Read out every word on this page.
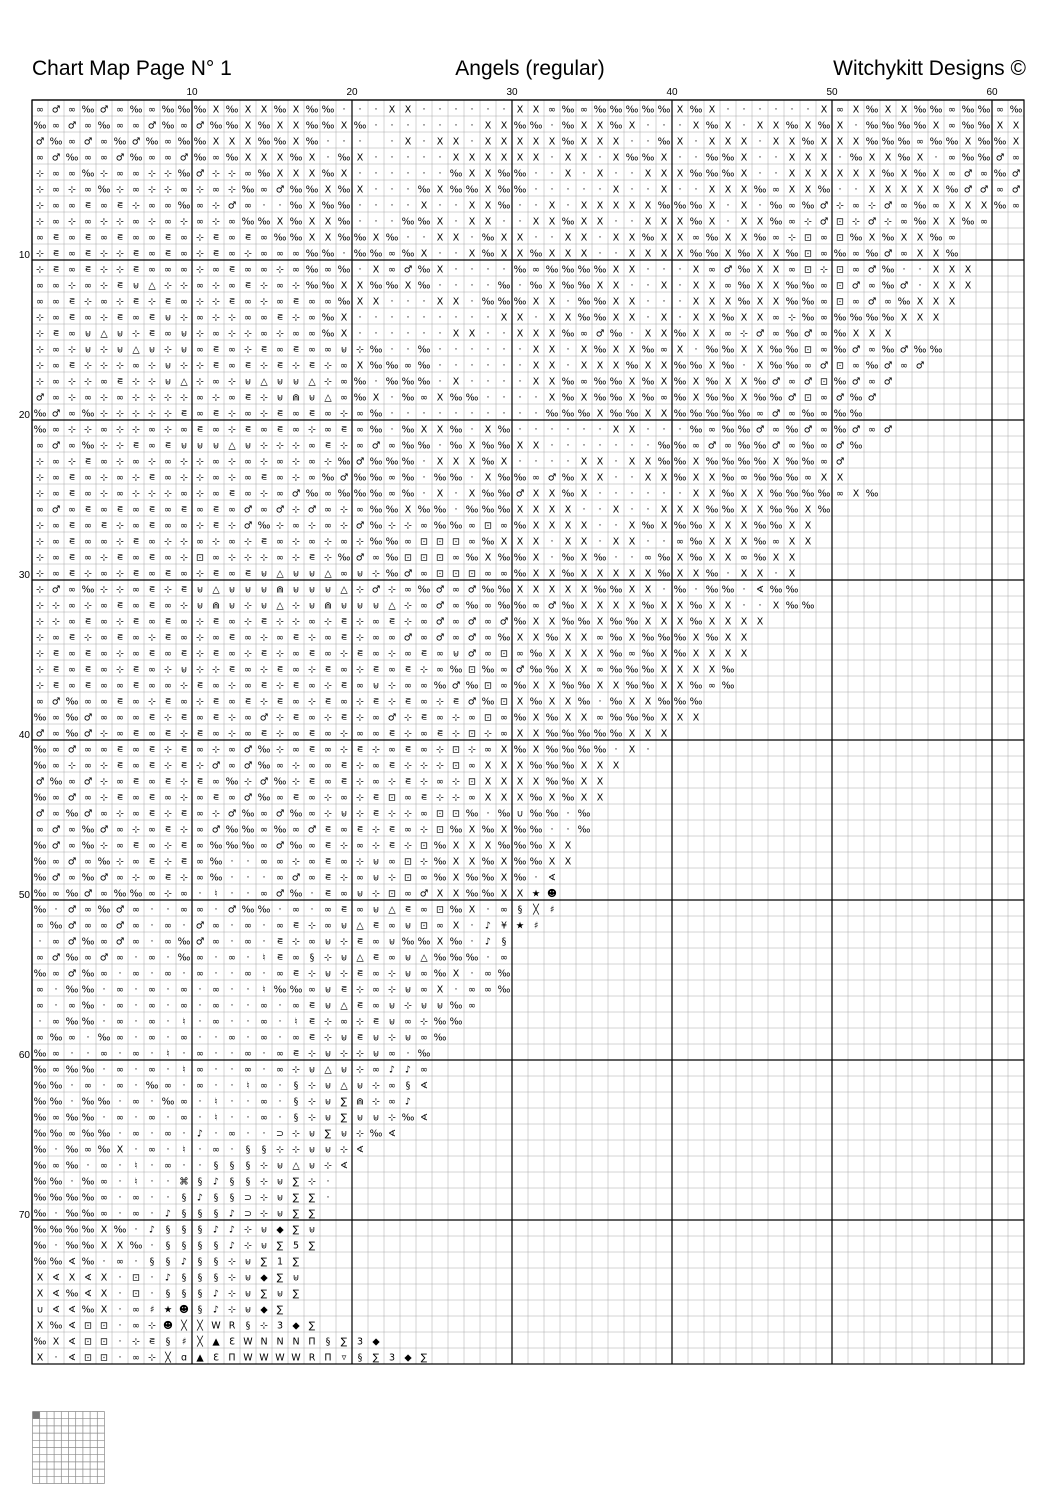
Chart Map Page N° 1	Angels (regular)	Witchykitt Designs ©
10	20	30	40	50	60
10
20
30
40
50
60
70
∞ ♂ ∞ ‰ ♂ ∞ ‰ ∞ ‰ ‰ ‰ Ⅹ ‰ Ⅹ Ⅹ ‰ Ⅹ ‰ ‰ · · · Ⅹ Ⅹ · · · · · · Ⅹ Ⅹ ∞ ‰ ∞ ‰ ‰ ‰ ‰ ‰ Ⅹ ‰ Ⅹ · · · · · · Ⅹ ∞ Ⅹ ‰ Ⅹ Ⅹ ‰ ‰ ∞ ‰ ‰ ∞ ‰
‰ ∞ ♂ ∞ ‰ ∞ ∞ ♂ ‰ ∞ ♂ ‰ ‰ Ⅹ ‰ Ⅹ Ⅹ ‰ ‰ Ⅹ ‰ · · · · · · · Ⅹ Ⅹ ‰ ‰ · ‰ Ⅹ Ⅹ ‰ Ⅹ · · · Ⅹ ‰ Ⅹ · Ⅹ Ⅹ ‰ Ⅹ ‰ Ⅹ · ‰ ‰ ‰ ‰ Ⅹ ∞ ‰ ‰ Ⅹ Ⅹ
♂ ‰ ∞ ♂ ∞ ‰ ♂ ‰ ∞ ‰ ‰ Ⅹ Ⅹ Ⅹ ‰ ‰ Ⅹ ‰ · · ·	· Ⅹ · Ⅹ Ⅹ · Ⅹ Ⅹ Ⅹ Ⅹ Ⅹ ‰ Ⅹ Ⅹ Ⅹ · · ‰ Ⅹ · Ⅹ Ⅹ Ⅹ · Ⅹ Ⅹ ‰ Ⅹ Ⅹ Ⅹ ‰ ‰ ‰ ∞ ‰ ‰ Ⅹ ‰ ‰ Ⅹ
∞ ♂ ‰ ∞ ∞ ♂ ‰ ∞ ∞ ♂ ‰ ∞ ‰ Ⅹ Ⅹ Ⅹ ‰ Ⅹ · ‰ Ⅹ · · · · · Ⅹ Ⅹ Ⅹ Ⅹ Ⅹ Ⅹ · Ⅹ Ⅹ · Ⅹ ‰ ‰ Ⅹ · · ‰ ‰ Ⅹ · · Ⅹ Ⅹ Ⅹ · ‰ Ⅹ Ⅹ ‰ Ⅹ · ∞ ‰ ‰ ♂ ∞
⊹ ∞ ∞ ‰ ⊹ ∞ ∞ ⊹ ⊹ ‰ ♂ ⊹ ⊹ ∞ ‰ Ⅹ Ⅹ Ⅹ ‰ Ⅹ · · · · · · ‰ Ⅹ Ⅹ ‰ ‰ · · Ⅹ · Ⅹ · · Ⅹ Ⅹ Ⅹ ‰ ‰ ‰ Ⅹ · · Ⅹ Ⅹ Ⅹ Ⅹ Ⅹ Ⅹ ‰ Ⅹ ‰ Ⅹ ∞ ♂ ∞ ‰ ♂
⊹ ∞ ⊹ ∞ ‰ ⊹ ∞ ⊹ ⊹ ∞ ⊹ ∞ ⊹ ‰ ∞ ♂ ‰ ‰ Ⅹ ‰ Ⅹ · · · ‰ Ⅹ ‰ ‰ Ⅹ ‰ ‰ · · · · · Ⅹ · · Ⅹ · · Ⅹ Ⅹ Ⅹ ‰ ∞ Ⅹ Ⅹ ‰ · · Ⅹ Ⅹ Ⅹ Ⅹ Ⅹ ‰ ♂ ♂ ∞ ♂
⊹ ∞ ∞ ⋷ ∞ ⋷ ⊹ ∞ ∞ ‰ ∞ ⊹ ♂ ∞ · · ‰ Ⅹ ‰ ‰ · · · · Ⅹ · · Ⅹ Ⅹ ‰ · · Ⅹ · Ⅹ Ⅹ Ⅹ Ⅹ Ⅹ ‰ ‰ ‰ Ⅹ · Ⅹ · ‰ ∞ ‰ ♂ ⊹ ∞ ⊹ ♂ ∞ ‰ ∞ Ⅹ Ⅹ Ⅹ ‰ ∞
⊹ ∞ ⊹ ∞ ⊹ ⊹ ∞ ⊹ ∞ ⊹ ∞ ⊹ ∞ ‰ ‰ Ⅹ ‰ Ⅹ Ⅹ ‰ · · · ‰ ‰ Ⅹ · Ⅹ Ⅹ · · Ⅹ Ⅹ ‰ Ⅹ Ⅹ · · Ⅹ Ⅹ Ⅹ ‰ Ⅹ · Ⅹ Ⅹ ‰ ∞ ⊹ ♂ ⊡ ⊹ ♂ ⊹ ∞ ‰ Ⅹ Ⅹ ‰ ∞
∞ ⋷ ∞ ⋷ ∞ ⋷ ∞ ∞ ⋷ ∞ ⊹ ⋷ ∞ ⋷ ∞ ‰ ‰ Ⅹ Ⅹ ‰ ‰ Ⅹ ‰ · · Ⅹ Ⅹ · ‰ Ⅹ Ⅹ · · Ⅹ Ⅹ · Ⅹ Ⅹ ‰ Ⅹ Ⅹ ∞ ‰ Ⅹ Ⅹ ‰ ∞ ⊹ ⊡ ∞ ⊡ ‰ Ⅹ ‰ Ⅹ Ⅹ ‰ ∞
⊹ ⋷ ∞ ⋷ ⊹ ⊹ ⋷ ∞ ⋷ ∞ ⊹ ⋷ ∞ ⊹ ∞ ∞ ∞ ‰ ‰ · ‰ ‰ ∞ ‰ Ⅹ · · Ⅹ ‰ Ⅹ Ⅹ ‰ Ⅹ Ⅹ Ⅹ · · Ⅹ Ⅹ Ⅹ Ⅹ ‰ ‰ Ⅹ ‰ Ⅹ Ⅹ ‰ ⊡ ∞ ‰ ∞ ‰ ♂ ∞ Ⅹ Ⅹ ‰
⊹ ⋷ ∞ ⋷ ⊹ ⊹ ⋷ ∞ ∞ ∞ ⊹ ∞ ⋷ ∞ ∞ ⊹ ∞ ‰ ∞ ‰ · Ⅹ ∞ ♂ ‰ Ⅹ · · · · ‰ ∞ ‰ ‰ ‰ ‰ Ⅹ Ⅹ · · · Ⅹ ∞ ♂ ‰ Ⅹ Ⅹ ∞ ⊡ ⊹ ⊡ ∞ ♂ ‰ · · Ⅹ Ⅹ Ⅹ
∞ ∞ ⊹ ∞ ⊹ ⋷ ⊎ △ ⊹ ⊹ ∞ ⊹ ∞ ⋷ ⊹ ∞ ⊹ ‰ ‰ Ⅹ Ⅹ ‰ ‰ Ⅹ ‰ · · · · ‰ · ‰ Ⅹ ‰ ‰ Ⅹ Ⅹ · · Ⅹ · Ⅹ Ⅹ ∞ ‰ Ⅹ Ⅹ ‰ ‰ ∞ ⊡ ♂ ∞ ‰ ♂ · Ⅹ Ⅹ Ⅹ
∞ ∞ ⋷ ⊹ ∞ ⊹ ⋷ ⊹ ⋷ ∞ ⊹ ⊹ ⋷ ∞ ⊹ ∞ ⋷ ∞ ∞ ‰ Ⅹ Ⅹ · · · Ⅹ Ⅹ · ‰ ‰ ‰ Ⅹ Ⅹ · ‰ ‰ Ⅹ Ⅹ · · · Ⅹ Ⅹ Ⅹ ‰ Ⅹ Ⅹ ‰ ‰ ∞ ⊡ ∞ ♂ ∞ ‰ Ⅹ Ⅹ Ⅹ
⊹ ∞ ⋷ ∞ ⊹ ⋷ ∞ ⋷ ⊎ ⊹ ∞ ⊹ ⊹ ∞ ∞ ⋷ ⊹ ∞ ‰ Ⅹ · · · · · · · · · Ⅹ Ⅹ · Ⅹ Ⅹ ‰ ‰ Ⅹ Ⅹ · Ⅹ · Ⅹ Ⅹ ‰ Ⅹ Ⅹ ∞ ⊹ ‰ ∞ ‰ ‰ ‰ ‰ Ⅹ Ⅹ Ⅹ
⊹ ⋷ ∞ ⊎ △ ⊎ ⊹ ⋷ ∞ ⊎ ⊹ ∞ ⊹ ⊹ ∞ ⊹ ∞ ∞ ‰ Ⅹ · · · · · · Ⅹ Ⅹ · · Ⅹ Ⅹ Ⅹ ‰ ∞ ♂ ‰ · Ⅹ Ⅹ ‰ Ⅹ Ⅹ ∞ ⊹ ♂ ∞ ‰ ♂ ∞ ‰ Ⅹ Ⅹ Ⅹ
⊹ ∞ ⊹ ⊎ ⊹ ⊎ △ ⊎ ⊹ ⊎ ∞ ⋷ ∞ ⊹ ⋷ ∞ ⋷ ∞ ∞ ⊎ ⊹ ‰ · · ‰ · · · · · · Ⅹ Ⅹ · Ⅹ ‰ Ⅹ Ⅹ ‰ ∞ Ⅹ · ‰ ‰ Ⅹ Ⅹ ‰ ‰ ⊡ ∞ ‰ ♂ ∞ ‰ ♂ ‰ ‰
⊹ ∞ ⋷ ⊹ ⊹ ⊹ ∞ ⊹ ⊎ ⊹ ⊹ ⋷ ∞ ⋷ ⊹ ⋷ ⊹ ⋷ ⊹ ∞ Ⅹ ‰ ‰ ∞ ‰ · · · · · · Ⅹ Ⅹ · Ⅹ Ⅹ Ⅹ ‰ Ⅹ Ⅹ ‰ ‰ Ⅹ ‰ · Ⅹ ‰ ‰ ∞ ♂ ⊡ ∞ ‰ ♂ ∞ ♂
⊹ ∞ ⊹ ⊹ ∞ ⋷ ⊹ ⊹ ⊎ △ ⊹ ∞ ⊹ ⊎ △ ⊎ ⊎ △ ⊹ ∞ ‰ · ‰ ‰ ‰ · Ⅹ · · · · Ⅹ Ⅹ ‰ ∞ ‰ ‰ Ⅹ ‰ Ⅹ ‰ Ⅹ ‰ Ⅹ Ⅹ ‰ ♂ ∞ ♂ ⊡ ‰ ♂ ∞ ♂
♂ ∞ ⊹ ∞ ⊹ ∞ ⊹ ⊹ ⊹ ⊹ ∞ ⊹ ∞ ⋷ ⊹ ⊎ ⋒ ⊎ △ ∞ ‰ Ⅹ · ‰ ∞ Ⅹ ‰ ‰ · · · · Ⅹ ‰ Ⅹ ‰ ‰ Ⅹ ‰ ∞ ‰ Ⅹ ‰ ‰ Ⅹ ‰ ‰ ♂ ⊡ ∞ ♂ ‰ ♂
‰ ♂ ∞ ‰ ⊹ ⊹ ⊹ ⊹ ⊹ ⋷ ∞ ⋷ ⊹ ∞ ⊹ ⋷ ∞ ⋷ ∞ ⊹ ∞ ‰ · · · · · · · · · · ‰ ‰ ‰ Ⅹ ‰ ‰ Ⅹ Ⅹ ‰ ‰ ‰ ‰ ‰ ∞ ♂ ∞ ‰ ∞ ‰ ‰
‰ ∞ ⊹ ⊹ ∞ ⊹ ⊹ ∞ ⊹ ∞ ⋷ ∞ ⊹ ⋷ ∞ ⋷ ∞ ⊹ ∞ ⋷ ∞ ‰ · ‰ Ⅹ Ⅹ ‰ · Ⅹ ‰ · · · · · · Ⅹ Ⅹ · · · ‰ ∞ ‰ ‰ ♂ ∞ ‰ ♂ ∞ ‰ ♂ ∞ ♂
∞ ♂ ∞ ‰ ⊹ ⊹ ⋷ ∞ ⋷ ⊎ ⊎ ⊎ △ ⊎ ⊹ ⊹ ⊹ ∞ ⋷ ⊹ ∞ ♂ ∞ ‰ ‰ · ‰ Ⅹ ‰ ‰ Ⅹ Ⅹ · · · · · · · ‰ ‰ ∞ ♂ ∞ ‰ ‰ ♂ ∞ ‰ ∞ ♂ ‰
⊹ ∞ ⊹ ⋷ ∞ ⊹ ∞ ⊹ ∞ ⊹ ⊹ ∞ ⊹ ∞ ⊹ ∞ ⊹ ∞ ⊹ ‰ ♂ ‰ ‰ ‰ · Ⅹ Ⅹ Ⅹ ‰ Ⅹ · · · · Ⅹ Ⅹ · Ⅹ Ⅹ ‰ ‰ Ⅹ ‰ ‰ ‰ ‰ Ⅹ ‰ ‰ ∞ ♂
⊹ ∞ ⋷ ∞ ⊹ ∞ ⊹ ⋷ ∞ ⊹ ⊹ ∞ ⊹ ∞ ⋷ ∞ ⊹ ∞ ‰ ♂ ‰ ‰ ∞ ‰ · ‰ ‰ · Ⅹ ‰ ‰ ∞ ♂ ‰ Ⅹ Ⅹ · · Ⅹ Ⅹ ‰ Ⅹ Ⅹ ‰ ∞ ‰ ‰ ‰ ∞ Ⅹ Ⅹ
⊹ ∞ ⋷ ∞ ⊹ ∞ ⊹ ⊹ ⊹ ∞ ⊹ ∞ ⋷ ∞ ⊹ ∞ ♂ ‰ ∞ ‰ ‰ ‰ ∞ ‰ · Ⅹ · Ⅹ ‰ ‰ ♂ Ⅹ Ⅹ ‰ Ⅹ · · · · · · Ⅹ Ⅹ ‰ Ⅹ Ⅹ ‰ ‰ ‰ ‰ ∞ Ⅹ ‰
∞ ♂ ∞ ⋷ ∞ ⋷ ∞ ⋷ ∞ ⋷ ∞ ⋷ ∞ ♂ ∞ ♂ ⊹ ♂ ∞ ⊹ ∞ ‰ ‰ Ⅹ ‰ ‰ · ‰ ‰ ‰ Ⅹ Ⅹ Ⅹ Ⅹ · · Ⅹ · · Ⅹ Ⅹ Ⅹ ‰ ‰ Ⅹ Ⅹ ‰ ‰ Ⅹ ‰
⊹ ∞ ⋷ ∞ ⋷ ⊹ ∞ ⋷ ∞ ∞ ⊹ ⋷ ⊹ ♂ ‰ ⊹ ∞ ⊹ ∞ ⊹ ♂ ‰ ⊹ ⊹ ∞ ‰ ‰ ∞ ⊡ ∞ ‰ Ⅹ Ⅹ Ⅹ Ⅹ · · Ⅹ ‰ Ⅹ ‰ ‰ Ⅹ Ⅹ Ⅹ ‰ ‰ Ⅹ Ⅹ
⊹ ∞ ⋷ ∞ ∞ ⊹ ⋷ ∞ ⊹ ⊹ ∞ ⊹ ∞ ⊹ ⋷ ∞ ⊹ ∞ ⊹ ∞ ⊹ ‰ ‰ ∞ ⊡ ⊡ ⊡ ∞ ‰ Ⅹ Ⅹ Ⅹ · Ⅹ Ⅹ · Ⅹ Ⅹ · · ∞ ‰ Ⅹ Ⅹ Ⅹ ‰ ∞ Ⅹ Ⅹ
⊹ ∞ ⋷ ∞ ⊹ ⋷ ∞ ⋷ ∞ ⊹ ⊡ ∞ ⊹ ⊹ ⊹ ∞ ⊹ ⋷ ⊹ ‰ ♂ ∞ ‰ ⊡ ⊡ ⊡ ∞ ‰ Ⅹ ‰ ‰ Ⅹ · ‰ Ⅹ ‰ · · ∞ ‰ Ⅹ ‰ Ⅹ Ⅹ ∞ ‰ Ⅹ Ⅹ
⊹ ∞ ⋷ ⊹ ∞ ⊹ ⋷ ∞ ⋷ ∞ ⊹ ⋷ ∞ ⋷ ⊎ △ ⊎ ⊎ △ ∞ ⊎ ⊹ ‰ ♂ ∞ ⊡ ⊡ ⊡ ∞ ∞ ‰ Ⅹ Ⅹ ‰ Ⅹ Ⅹ Ⅹ Ⅹ Ⅹ ‰ Ⅹ Ⅹ ‰ · Ⅹ Ⅹ · Ⅹ
⊹ ♂ ∞ ‰ ⊹ ⊹ ∞ ⋷ ⊹ ⋷ ⊎ △ ⊎ ⊎ ⊎ ⋒ ⊎ ⊎ ⊎ △ ⊹ ♂ ⊹ ∞ ‰ ♂ ∞ ♂ ‰ ‰ Ⅹ Ⅹ Ⅹ Ⅹ Ⅹ ‰ ‰ Ⅹ Ⅹ · ‰ · ‰ ‰ · ∢ ‰ ‰
⊹ ⊹ ∞ ⊹ ∞ ⋷ ∞ ⋷ ∞ ⊹ ⊎ ⋒ ⊎ ⊹ ⊎ △ ⊹ ⊎ ⋒ ⊎ ⊎ ⊎ △ ⊹ ∞ ♂ ∞ ‰ ∞ ‰ ‰ ∞ ♂ ‰ Ⅹ Ⅹ Ⅹ Ⅹ ‰ Ⅹ Ⅹ ‰ Ⅹ Ⅹ · · Ⅹ ‰ ‰
⊹ ⊹ ∞ ⋷ ∞ ⊹ ⋷ ∞ ⋷ ∞ ⊹ ⋷ ∞ ⊹ ⋷ ⊹ ⊹ ∞ ⊹ ⋷ ⊹ ∞ ⋷ ⊹ ∞ ♂ ∞ ♂ ∞ ♂ ‰ Ⅹ Ⅹ ‰ ‰ Ⅹ ‰ ‰ Ⅹ Ⅹ Ⅹ ‰ Ⅹ Ⅹ Ⅹ Ⅹ
⊹ ∞ ⋷ ⊹ ∞ ⋷ ∞ ⊹ ⋷ ∞ ⊹ ∞ ⋷ ∞ ⊹ ∞ ⋷ ⊹ ∞ ⋷ ⊹ ∞ ∞ ♂ ∞ ♂ ∞ ♂ ∞ ‰ Ⅹ Ⅹ ‰ Ⅹ Ⅹ ∞ ‰ Ⅹ ‰ ‰ ‰ Ⅹ ‰ Ⅹ Ⅹ
⊹ ⋷ ∞ ⋷ ∞ ⊹ ∞ ⋷ ∞ ⋷ ⊹ ⋷ ∞ ⊹ ⋷ ⊹ ∞ ⋷ ∞ ⊹ ⋷ ∞ ⊹ ∞ ⋷ ∞ ⊎ ♂ ∞ ⊡ ∞ ‰ Ⅹ Ⅹ Ⅹ Ⅹ ‰ ∞ ‰ Ⅹ ‰ Ⅹ Ⅹ Ⅹ Ⅹ
⊹ ⋷ ∞ ⋷ ∞ ⊹ ⋷ ∞ ⊹ ⊎ ⊹ ⊹ ⋷ ∞ ⊹ ⋷ ∞ ⊹ ⋷ ∞ ⊹ ⋷ ∞ ⋷ ⊹ ∞ ‰ ⊡ ‰ ∞ ♂ ‰ ‰ Ⅹ Ⅹ ∞ ‰ ‰ ‰ Ⅹ Ⅹ Ⅹ Ⅹ ‰
⊹ ⋷ ∞ ⋷ ∞ ∞ ⋷ ∞ ∞ ⊹ ⋷ ∞ ⊹ ∞ ⋷ ⊹ ⋷ ∞ ⊹ ⋷ ∞ ⊎ ⊹ ∞ ∞ ‰ ♂ ‰ ⊡ ∞ ‰ Ⅹ Ⅹ ‰ ‰ Ⅹ Ⅹ ‰ ‰ Ⅹ Ⅹ ‰ ∞ ‰
∞ ♂ ‰ ∞ ∞ ⋷ ∞ ⊹ ⋷ ∞ ⊹ ⋷ ∞ ⋷ ⊹ ⋷ ∞ ⊹ ⋷ ∞ ⊹ ⋷ ⊹ ⋷ ∞ ⊹ ⋷ ♂ ‰ ⊡ Ⅹ ‰ Ⅹ Ⅹ ‰ · ‰ Ⅹ Ⅹ ‰ ‰ ‰
‰ ∞ ‰ ♂ ∞ ∞ ∞ ⋷ ⊹ ⋷ ∞ ⋷ ⊹ ∞ ♂ ⊹ ⋷ ∞ ⊹ ⋷ ⊹ ∞ ♂ ⊹ ⋷ ∞ ⊹ ∞ ⊡ ∞ ‰ Ⅹ ‰ Ⅹ Ⅹ ∞ ‰ ‰ ‰ Ⅹ Ⅹ Ⅹ
♂ ∞ ‰ ♂ ⊹ ∞ ⋷ ∞ ⋷ ⊹ ⋷ ∞ ⊹ ∞ ⋷ ⊹ ∞ ⋷ ∞ ⊹ ∞ ∞ ⋷ ⊹ ∞ ⋷ ⊹ ⊡ ⊹ ∞ Ⅹ Ⅹ ‰ ‰ ‰ ‰ ‰ Ⅹ Ⅹ Ⅹ
‰ ∞ ♂ ∞ ∞ ⋷ ∞ ⋷ ⊹ ⋷ ∞ ⊹ ∞ ♂ ‰ ⊹ ∞ ⋷ ∞ ⊹ ⋷ ⊹ ∞ ⋷ ∞ ⊹ ⊡ ⊹ ∞ Ⅹ ‰ Ⅹ ‰ ‰ ‰ ‰ · Ⅹ ·
‰ ∞ ⊹ ∞ ⊹ ⋷ ∞ ⋷ ⊹ ⋷ ⊹ ♂ ∞ ♂ ‰ ∞ ⊹ ∞ ∞ ⋷ ⊹ ∞ ⋷ ⊹ ⊹ ⊹ ⊡ ∞ Ⅹ Ⅹ Ⅹ ‰ ‰ ‰ Ⅹ Ⅹ Ⅹ
♂ ‰ ∞ ♂ ⊹ ∞ ⋷ ∞ ⋷ ⊹ ⋷ ∞ ‰ ⊹ ♂ ‰ ⊹ ⋷ ∞ ⋷ ⊹ ∞ ⊹ ⋷ ⊹ ∞ ⊹ ⊡ Ⅹ Ⅹ Ⅹ Ⅹ ‰ ‰ Ⅹ Ⅹ
‰ ∞ ♂ ∞ ⊹ ⋷ ∞ ⋷ ∞ ⊹ ∞ ⋷ ∞ ♂ ‰ ∞ ⋷ ∞ ⊹ ∞ ⊹ ⋷ ⊡ ∞ ⋷ ⊹ ⊹ ∞ Ⅹ Ⅹ Ⅹ ‰ Ⅹ ‰ Ⅹ Ⅹ
♂ ∞ ‰ ♂ ∞ ⊹ ∞ ⋷ ⊹ ⋷ ∞ ⊹ ♂ ‰ ∞ ♂ ‰ ∞ ⊹ ⊎ ⊹ ⋷ ⊹ ⊹ ∞ ⊡ ⊡ ‰ · ‰ ∪ ‰ ‰ · ‰
∞ ♂ ∞ ‰ ♂ ∞ ⊹ ∞ ⋷ ⊹ ∞ ♂ ‰ ‰ ∞ ‰ ∞ ♂ ⋷ ∞ ⋷ ⊹ ⋷ ∞ ⊹ ⊡ ‰ Ⅹ ‰ Ⅹ ‰ ‰ · · ‰
‰ ♂ ∞ ‰ ⊹ ∞ ⋷ ∞ ⊹ ⋷ ∞ ‰ ‰ ‰ ∞ ♂ ‰ ∞ ⋷ ⊹ ∞ ⊹ ⋷ ⊹ ⊡ ‰ Ⅹ Ⅹ Ⅹ ‰ ‰ ‰ Ⅹ Ⅹ
‰ ∞ ♂ ∞ ‰ ⊹ ∞ ⋷ ⊹ ⋷ ∞ ‰ · · ∞ ∞ ⊹ ∞ ⋷ ∞ ⊹ ⊎ ∞ ⊡ ⊹ ‰ Ⅹ Ⅹ ‰ Ⅹ ‰ ‰ Ⅹ Ⅹ
‰ ♂ ∞ ‰ ♂ ∞ ⊹ ∞ ⋷ ⊹ ∞ ‰ · · · ∞ ♂ ∞ ⋷ ⊹ ∞ ⊎ ⊹ ⊡ ∞ ‰ Ⅹ ‰ ‰ Ⅹ ‰ · ∢
‰ ∞ ‰ ♂ ∞ ‰ ‰ ∞ ⊹ ∞ · ♮ · · ∞ ♂ ‰ · ⋷ ∞ ⊎ ⊹ ⊡ ∞ ♂ Ⅹ Ⅹ ‰ ‰ Ⅹ Ⅹ ★ ☻
‰ · ♂ ∞ ‰ ♂ ∞ · · ∞ ∞ · ♂ ‰ ‰ · ∞ · ∞ ⋷ ∞ ⊎ △ ⋷ ∞ ⊡ ‰ Ⅹ · ∞ § ╳ ♯
∞ ‰ ♂ ∞ ∞ ♂ ∞ · ∞ · ♂ ∞ · ∞ · ∞ ⋷ ⊹ ∞ ⊎ △ ⋷ ∞ ⊎ ⊡ ∞ Ⅹ · ♪ ¥ ★ ♯
· ∞ ♂ ‰ ∞ ♂ ∞ · ∞ ‰ ♂ ∞ · ∞ · ⋷ ⊹ ∞ ⊎ ⊹ ⋷ ∞ ⊎ ‰ ‰ Ⅹ ‰ · ♪ §
∞ ♂ ‰ ∞ ♂ ∞ · ∞ · ‰ ∞ · ∞ · ♮ ⋷ ∞ § ⊹ ⊎ △ ⋷ ∞ ⊎ △ ‰ ‰ ‰ · ∞
‰ ∞ ♂ ‰ ∞ · ∞ · ∞ · ∞ · · ∞ · ∞ ⋷ ⊹ ⊎ ⊹ ⋷ ∞ ⊹ ⊎ ∞ ‰ Ⅹ · ∞ ‰
∞ · ‰ ‰ · ∞ · ∞ · ∞ · ∞ · · ♮ ‰ ‰ ∞ ⊎ ⋷ ⊹ ∞ ⊹ ⊎ ∞ Ⅹ · ∞ ∞ ‰
∞ · ∞ ‰ · ∞ · ∞ · ∞ · ∞ · · ∞ · ∞ ⋷ ⊎ △ ⋷ ∞ ⊎ ⊹ ⊎ ⊎ ‰ ∞
· ∞ ‰ ‰ · ∞ · ∞ · ♮ · ∞ · · ∞ · ♮ ⋷ ⊹ ∞ ⊹ ⋷ ⊎ ∞ ⊹ ‰ ‰
∞ ‰ ∞ · ‰ ∞ · ∞ · ∞ · · ∞ · ∞ · ∞ ⋷ ⊹ ⊎ ⋷ ⊎ ⊹ ⊎ ∞ ‰
‰ ∞ · · ∞ · ∞ · ♮ · ∞ · · ∞ · ∞ ⋷ ⊹ ⊎ ⊹ ⊹ ⊎ ∞ · ‰
‰ ∞ ‰ ‰ · ∞ · ∞ · ♮ ∞ · · ∞ · ∞ ⊹ ⊎ △ ⊎ ⊹ ∞ ♪ ♪ ∞
‰ ‰ · ∞ · ∞ · ‰ ∞ · ∞ · · ♮ ∞ · § ⊹ ⊎ △ ⊎ ⊹ ∞ § ∢
‰ ‰ · ‰ ‰ · ∞ · ‰ ∞ · ♮ · · ∞ · § ⊹ ⊎ ∑ ⋒ ⊹ ∞ ♪
‰ ∞ ‰ ‰ · ∞ · ∞ · ∞ · ♮ · · ∞ · § ⊹ ⊎ ∑ ⊎ ⊎ ⊹ ‰ ∢
‰ ‰ ∞ ‰ ‰ · ∞ · ∞ · ♪ · ∞ · · ⊃ ⊹ ⊎ ∑ ⊎ ⊹ ‰ ∢
‰ · ‰ ∞ ‰ Ⅹ · ∞ · ♮ · ∞ · § § ⊹ ⊹ ⊎ ⊎ ⊹ ∢
‰ ∞ ‰ · ∞ · ♮ · ∞ · · § § § ⊹ ⊎ △ ⊎ ⊹ ∢
‰ ‰ · ‰ ∞ · ♮ · · ⌘ § ♪ § § ⊹ ⊎ ∑ ⊹ ·
‰ ‰ ‰ ‰ ∞ · ∞ · · § ♪ § § ⊃ ⊹ ⊎ ∑ ∑ ·
‰ · ‰ ‰ ∞ · ∞ · ♪ § § § ♪ ⊃ ⊹ ⊎ ∑ ∑
‰ ‰ ‰ ‰ Ⅹ ‰ · ♪ § § § ♪ ♪ ⊹ ⊎ ◆ ∑ ⊎
‰ · ‰ ‰ Ⅹ Ⅹ ‰ · § § § § ♪ ⊹ ⊎ ∑ 5 ∑
‰ ‰ ∢ ‰ · ∞ · § § ♪ § § ⊹ ⊎ ∑ 1 ∑
Ⅹ ∢ Ⅹ ∢ Ⅹ · ⊡ · ♪ § § § ⊹ ⊎ ◆ ∑ ⊎
Ⅹ ∢ ‰ ∢ Ⅹ · ⊡ · § § § ♪ ⊹ ⊎ ∑ ⊎ ∑
∪ ∢ ∢ ‰ Ⅹ · ∞ ♯ ★ ☻ § ♪ ⊹ ⊎ ◆ ∑
Ⅹ ‰ ∢ ⊡ ⊡ · ∞ ⊹ ☻ ╳ ╳ W R § ⊹ 3 ◆ ∑
‰ Ⅹ ∢ ⊡ ⊡ · ⊹ ⋷ § ♯ ╳ ▲ Ɛ W N N N П § ∑ 3 ◆
Ⅹ · ∢ ⊡ ⊡ · ∞ ⊹ ╳ ɑ ▲ Ɛ П W W W W R П ▿ § ∑ 3 ◆ ∑
